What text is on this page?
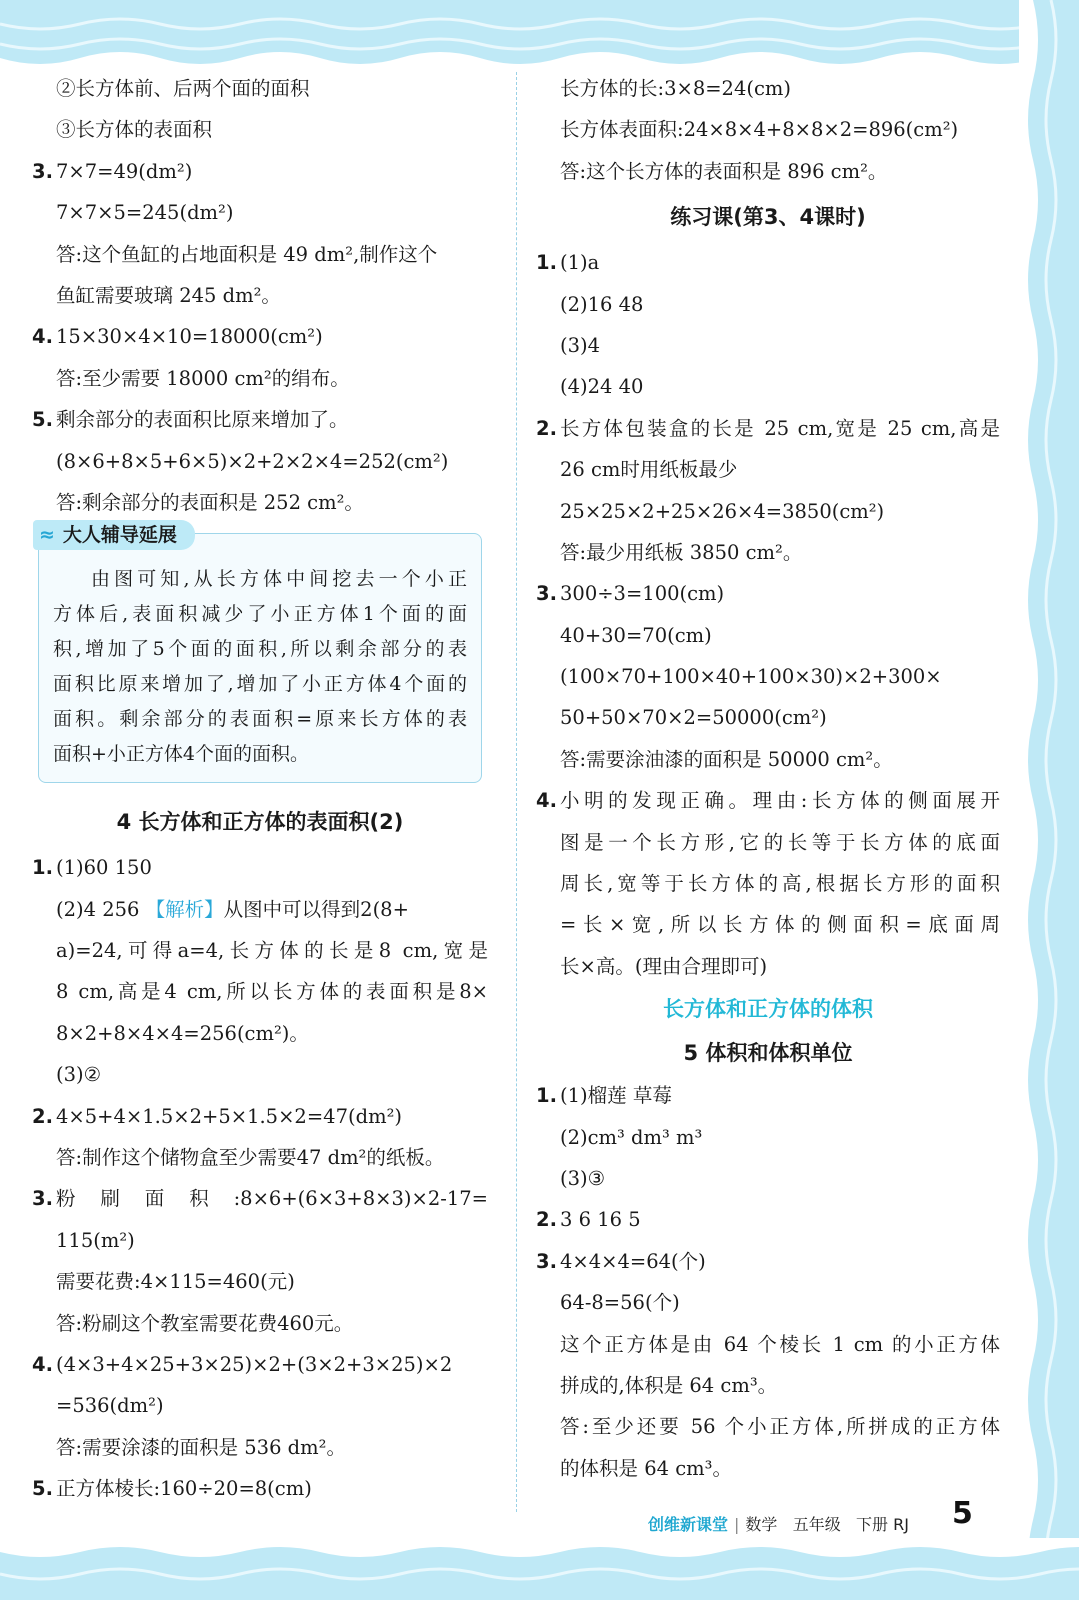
②长方体前、后两个面的面积
③长方体的表面积
3. 7×7=49(dm²)
7×7×5=245(dm²)
答:这个鱼缸的占地面积是 49 dm²,制作这个
鱼缸需要玻璃 245 dm²。
4. 15×30×4×10=18000(cm²)
答:至少需要 18000 cm²的绢布。
5. 剩余部分的表面积比原来增加了。
(8×6+8×5+6×5)×2+2×2×4=252(cm²)
答:剩余部分的表面积是 252 cm²。
≈ 大人辅导延展
由图可知,从长方体中间挖去一个小正
方体后,表面积减少了小正方体1个面的面
积,增加了5个面的面积,所以剩余部分的表
面积比原来增加了,增加了小正方体4个面的
面积。剩余部分的表面积=原来长方体的表
面积+小正方体4个面的面积。
4 长方体和正方体的表面积(2)
1. (1)60 150
(2)4 256 【解析】从图中可以得到2(8+
a)=24,可得a=4,长方体的长是8 cm,宽是
8 cm,高是4 cm,所以长方体的表面积是8×
8×2+8×4×4=256(cm²)。
(3)②
2. 4×5+4×1.5×2+5×1.5×2=47(dm²)
答:制作这个储物盒至少需要47 dm²的纸板。
3. 粉刷面积:8×6+(6×3+8×3)×2-17=
115(m²)
需要花费:4×115=460(元)
答:粉刷这个教室需要花费460元。
4. (4×3+4×25+3×25)×2+(3×2+3×25)×2
=536(dm²)
答:需要涂漆的面积是 536 dm²。
5. 正方体棱长:160÷20=8(cm)
长方体的长:3×8=24(cm)
长方体表面积:24×8×4+8×8×2=896(cm²)
答:这个长方体的表面积是 896 cm²。
练习课(第3、4课时)
1. (1)a
(2)16 48
(3)4
(4)24 40
2. 长方体包装盒的长是 25 cm,宽是 25 cm,高是
26 cm时用纸板最少
25×25×2+25×26×4=3850(cm²)
答:最少用纸板 3850 cm²。
3. 300÷3=100(cm)
40+30=70(cm)
(100×70+100×40+100×30)×2+300×
50+50×70×2=50000(cm²)
答:需要涂油漆的面积是 50000 cm²。
4. 小明的发现正确。理由:长方体的侧面展开
图是一个长方形,它的长等于长方体的底面
周长,宽等于长方体的高,根据长方形的面积
=长×宽,所以长方体的侧面积=底面周
长×高。(理由合理即可)
长方体和正方体的体积
5 体积和体积单位
1. (1)榴莲 草莓
(2)cm³ dm³ m³
(3)③
2. 3 6 16 5
3. 4×4×4=64(个)
64-8=56(个)
这个正方体是由 64 个棱长 1 cm 的小正方体
拼成的,体积是 64 cm³。
答:至少还要 56 个小正方体,所拼成的正方体
的体积是 64 cm³。
创维新课堂 | 数学 五年级 下册 RJ 5
